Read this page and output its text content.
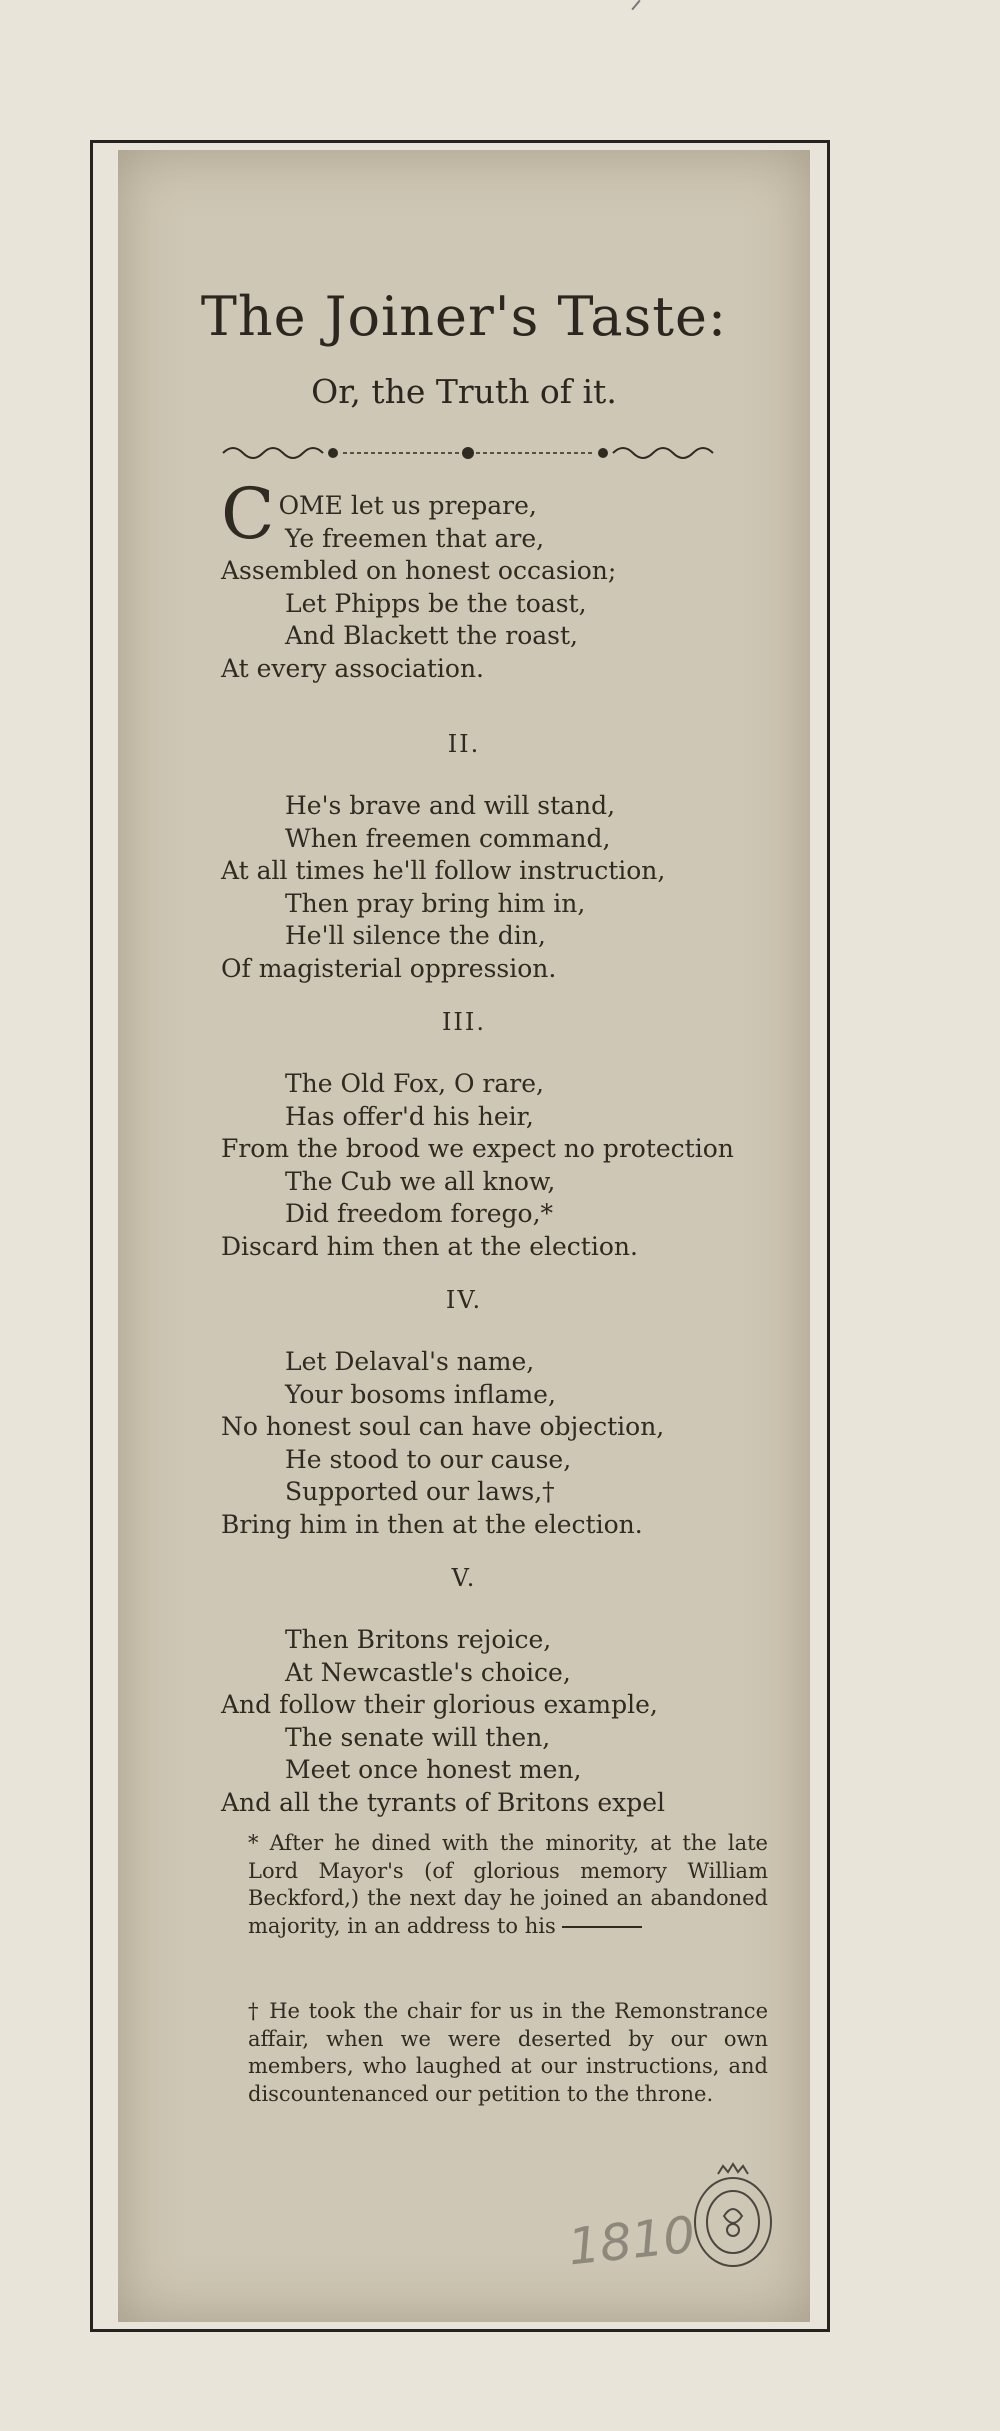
The Joiner's Taste:
Or, the Truth of it.
C OME let us prepare,
Ye freemen that are,
Assembled on honest occasion;
Let Phipps be the toast,
And Blackett the roast,
At every association.
II.
He's brave and will stand,
When freemen command,
At all times he'll follow instruction,
Then pray bring him in,
He'll silence the din,
Of magisterial oppression.
III.
The Old Fox, O rare,
Has offer'd his heir,
From the brood we expect no protection
The Cub we all know,
Did freedom forego,*
Discard him then at the election.
IV.
Let Delaval's name,
Your bosoms inflame,
No honest soul can have objection,
He stood to our cause,
Supported our laws,†
Bring him in then at the election.
V.
Then Britons rejoice,
At Newcastle's choice,
And follow their glorious example,
The senate will then,
Meet once honest men,
And all the tyrants of Britons expel

* After he dined with the minority, at the late Lord Mayor's (of glorious memory William Beckford,) the next day he joined an abandoned majority, in an address to his

† He took the chair for us in the Remonstrance affair, when we were deserted by our own members, who laughed at our instructions, and discountenanced our petition to the throne.

1810
